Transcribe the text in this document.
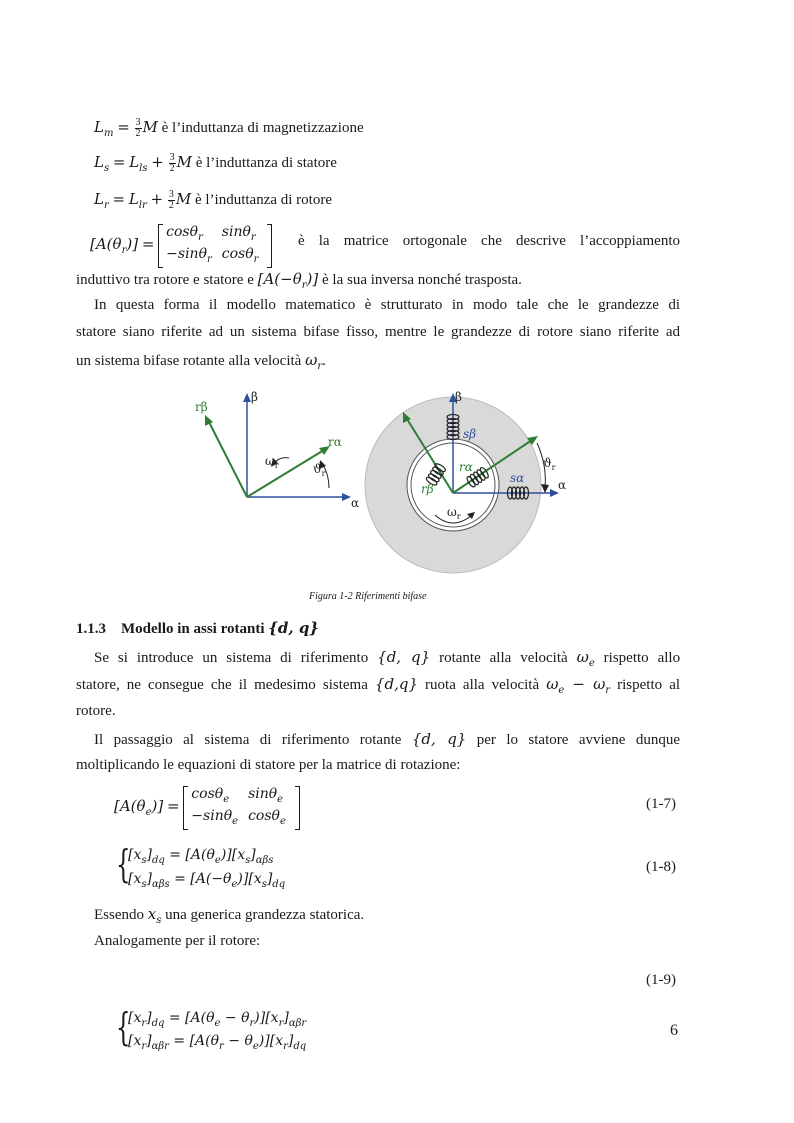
$L_m = \frac{3}{2}$ M è l’induttanza di magnetizzazione
$L_s = L_{ls} + \frac{3}{2}$ M è l’induttanza di statore
$L_r = L_{lr} + \frac{3}{2}$ M è l’induttanza di rotore
$[A(\theta_r)]$ =
cosθ$_r$	sinθ$_r$
−sinθ$_r$	cosθ$_r$
è la matrice ortogonale che descrive l’accoppiamento
induttivo tra rotore e statore e $[A(-\theta_r)]$ è la sua inversa nonché trasposta.
In questa forma il modello matematico è strutturato in modo tale che le grandezze di
statore siano riferite ad un sistema bifase fisso, mentre le grandezze di rotore siano riferite ad
un sistema bifase rotante alla velocità $\omega_r$.
rβ
β
rα
$\omega_r$	$ϑ_r$
α
β
sβ
rα	$ϑ_r$
sα	α
rβ
$\omega_r$
Figura 1-2 Riferimenti bifase
1.1.3 Modello in assi rotanti {d, q}
Se si introduce un sistema di riferimento {d, q} rotante alla velocità $\omega_e$ rispetto allo
statore, ne consegue che il medesimo sistema {d,q} ruota alla velocità $\omega_e - \omega_r$ rispetto al
rotore.
Il passaggio al sistema di riferimento rotante {d, q} per lo statore avviene dunque
moltiplicando le equazioni di statore per la matrice di rotazione:
$[A(\theta_e)]$ =
cosθ$_e$	sinθ$_e$
−sinθ$_e$	cosθ$_e$
(1-7)
{
$[x_s]_{dq} = [A(\theta_e)][x_s]_{\alpha\beta s}$
$[x_s]_{\alpha\beta s} = [A(-\theta_e)][x_s]_{dq}$
(1-8)
Essendo $x_s$ una generica grandezza statorica.
Analogamente per il rotore:
{
$[x_r]_{dq} = [A(\theta_e - \theta_r)][x_r]_{\alpha\beta r}$
$[x_r]_{\alpha\beta r} = [A(\theta_r - \theta_e)][x_r]_{dq}$
(1-9)
6
